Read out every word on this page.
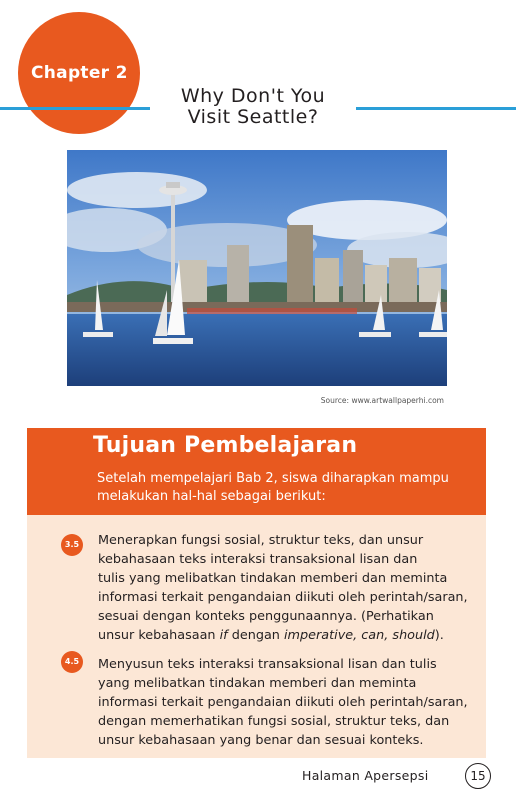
Chapter 2
Why Don't You
Visit Seattle?
Source: www.artwallpaperhi.com
Tujuan Pembelajaran
Setelah mempelajari Bab 2, siswa diharapkan mampu
melakukan hal-hal sebagai berikut:
3.5	Menerapkan fungsi sosial, struktur teks, dan unsur
kebahasaan teks interaksi transaksional lisan dan
tulis yang melibatkan tindakan memberi dan meminta
informasi terkait pengandaian diikuti oleh perintah/saran,
sesuai dengan konteks penggunaannya. (Perhatikan
unsur kebahasaan if dengan imperative, can, should).
4.5	Menyusun teks interaksi transaksional lisan dan tulis
yang melibatkan tindakan memberi dan meminta
informasi terkait pengandaian diikuti oleh perintah/saran,
dengan memerhatikan fungsi sosial, struktur teks, dan
unsur kebahasaan yang benar dan sesuai konteks.
Halaman Apersepsi	15
